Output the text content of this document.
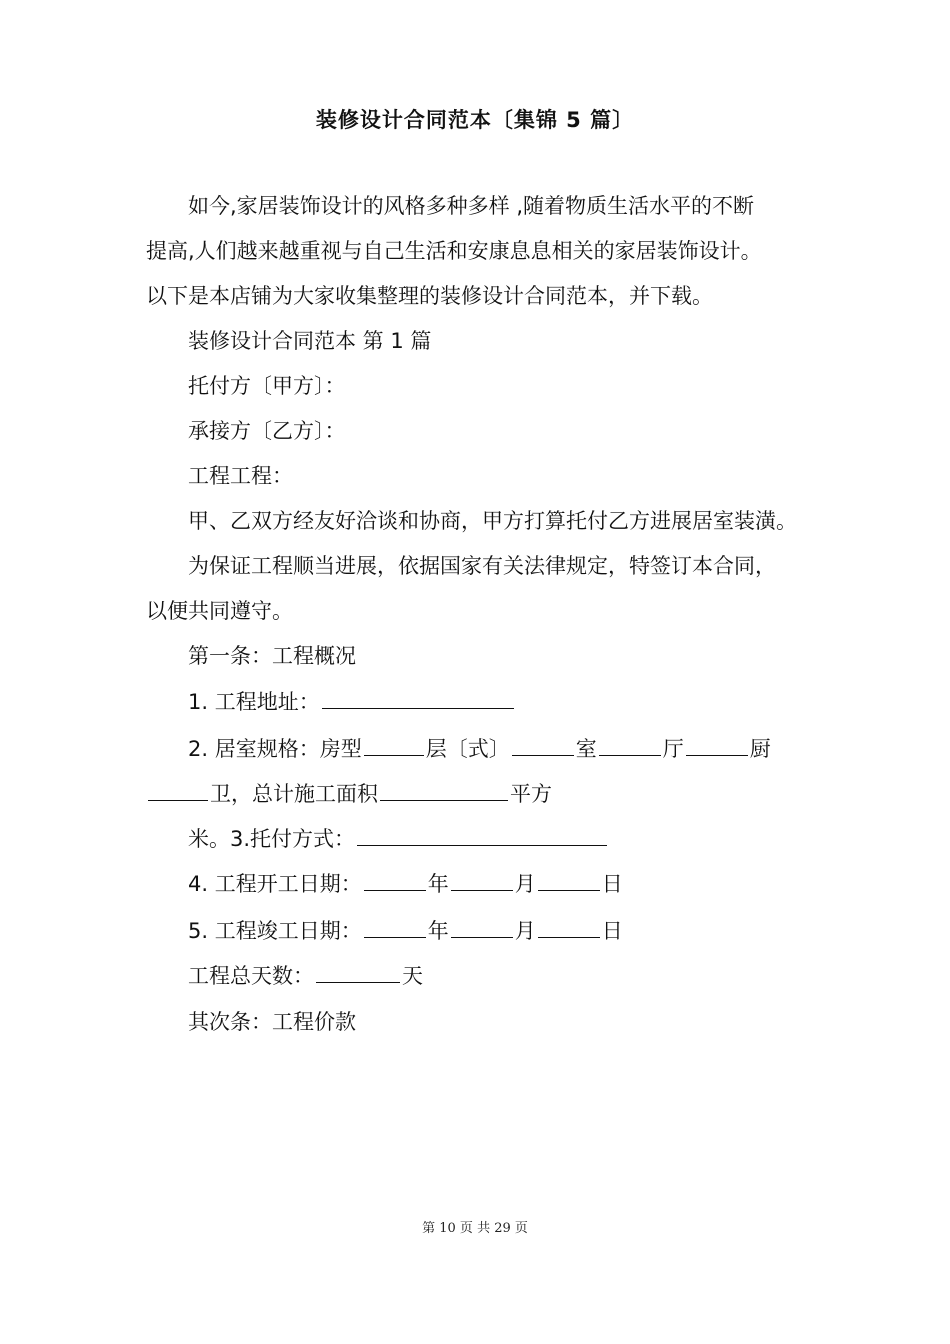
装修设计合同范本〔集锦 5 篇〕
如今,家居装饰设计的风格多种多样 ,随着物质生活水平的不断
提高,人们越来越重视与自己生活和安康息息相关的家居装饰设计。
以下是本店铺为大家收集整理的装修设计合同范本，并下载。
装修设计合同范本 第 1 篇
托付方〔甲方〕：
承接方〔乙方〕：
工程工程：
甲、乙双方经友好洽谈和协商，甲方打算托付乙方进展居室装潢。
为保证工程顺当进展，依据国家有关法律规定，特签订本合同，
以便共同遵守。
第一条：工程概况
1. 工程地址：
2. 居室规格：房型	层〔式〕	室	厅	厨
卫，总计施工面积	平方
米。3.托付方式：
4. 工程开工日期：	年	月	日
5. 工程竣工日期：	年	月	日
工程总天数：	天
其次条：工程价款
第 10 页 共 29 页
